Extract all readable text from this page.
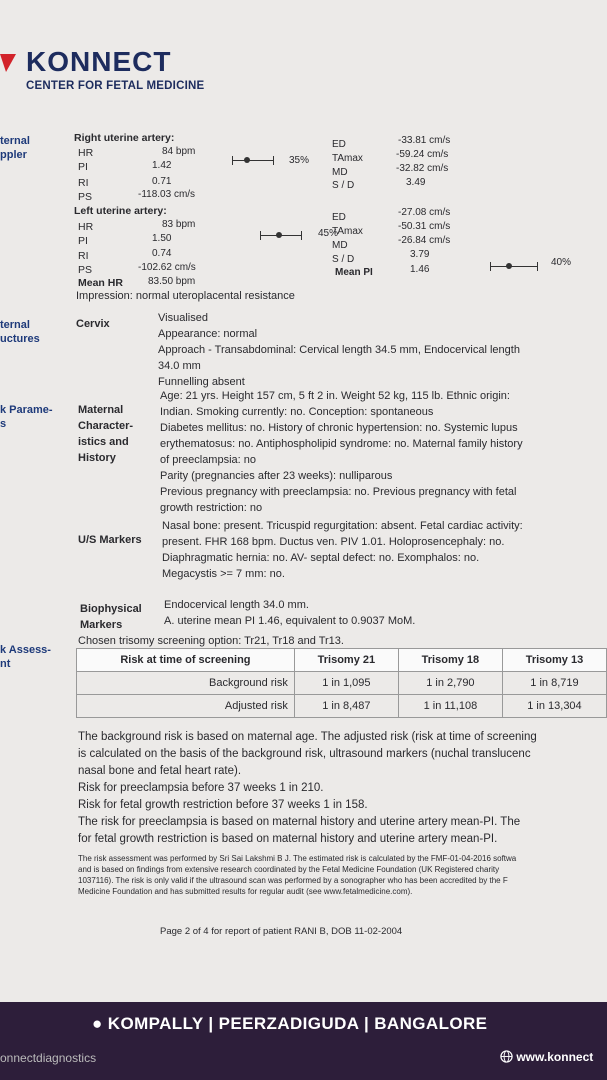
KONNECT
CENTER FOR FETAL MEDICINE
ternal
ppler
ternal
uctures
k Parame-
s
k Assess-
nt
Right uterine artery:
HR	84 bpm
PI	1.42
RI	0.71
PS	-118.03 cm/s
35%
ED	-33.81 cm/s
TAmax	-59.24 cm/s
MD	-32.82 cm/s
S / D	3.49
Left uterine artery:
HR	83 bpm
PI	1.50
RI	0.74
PS	-102.62 cm/s
Mean HR	83.50 bpm
45%
ED	-27.08 cm/s
TAmax	-50.31 cm/s
MD	-26.84 cm/s
S / D	3.79
Mean PI	1.46
40%
Impression: normal uteroplacental resistance
Cervix	Visualised
Appearance: normal
Approach - Transabdominal: Cervical length 34.5 mm, Endocervical length
34.0 mm
Funnelling absent
Maternal
Character-
istics and
History
Age: 21 yrs. Height 157 cm, 5 ft 2 in. Weight 52 kg, 115 lb. Ethnic origin:
Indian. Smoking currently: no. Conception: spontaneous
Diabetes mellitus: no. History of chronic hypertension: no. Systemic lupus
erythematosus: no. Antiphospholipid syndrome: no. Maternal family history
of preeclampsia: no
Parity (pregnancies after 23 weeks): nulliparous
Previous pregnancy with preeclampsia: no. Previous pregnancy with fetal
growth restriction: no
U/S Markers
Nasal bone: present. Tricuspid regurgitation: absent. Fetal cardiac activity:
present. FHR 168 bpm. Ductus ven. PIV 1.01. Holoprosencephaly: no.
Diaphragmatic hernia: no. AV- septal defect: no. Exomphalos: no.
Megacystis >= 7 mm: no.
Biophysical
Markers
Endocervical length 34.0 mm.
A. uterine mean PI 1.46, equivalent to 0.9037 MoM.
Chosen trisomy screening option: Tr21, Tr18 and Tr13.
Risk at time of screening	Trisomy 21	Trisomy 18	Trisomy 13
Background risk	1 in 1,095	1 in 2,790	1 in 8,719
Adjusted risk	1 in 8,487	1 in 11,108	1 in 13,304
The background risk is based on maternal age. The adjusted risk (risk at time of screening
is calculated on the basis of the background risk, ultrasound markers (nuchal translucenc
nasal bone and fetal heart rate).
Risk for preeclampsia before 37 weeks 1 in 210.
Risk for fetal growth restriction before 37 weeks 1 in 158.
The risk for preeclampsia is based on maternal history and uterine artery mean-PI. The
for fetal growth restriction is based on maternal history and uterine artery mean-PI.
The risk assessment was performed by Sri Sai Lakshmi B J. The estimated risk is calculated by the FMF-01-04-2016 softwa
and is based on findings from extensive research coordinated by the Fetal Medicine Foundation (UK Registered charity
1037116). The risk is only valid if the ultrasound scan was performed by a sonographer who has been accredited by the F
Medicine Foundation and has submitted results for regular audit (see www.fetalmedicine.com).
Page 2 of 4 for report of patient RANI B, DOB 11-02-2004
● KOMPALLY | PEERZADIGUDA | BANGALORE
onnectdiagnostics	www.konnect
